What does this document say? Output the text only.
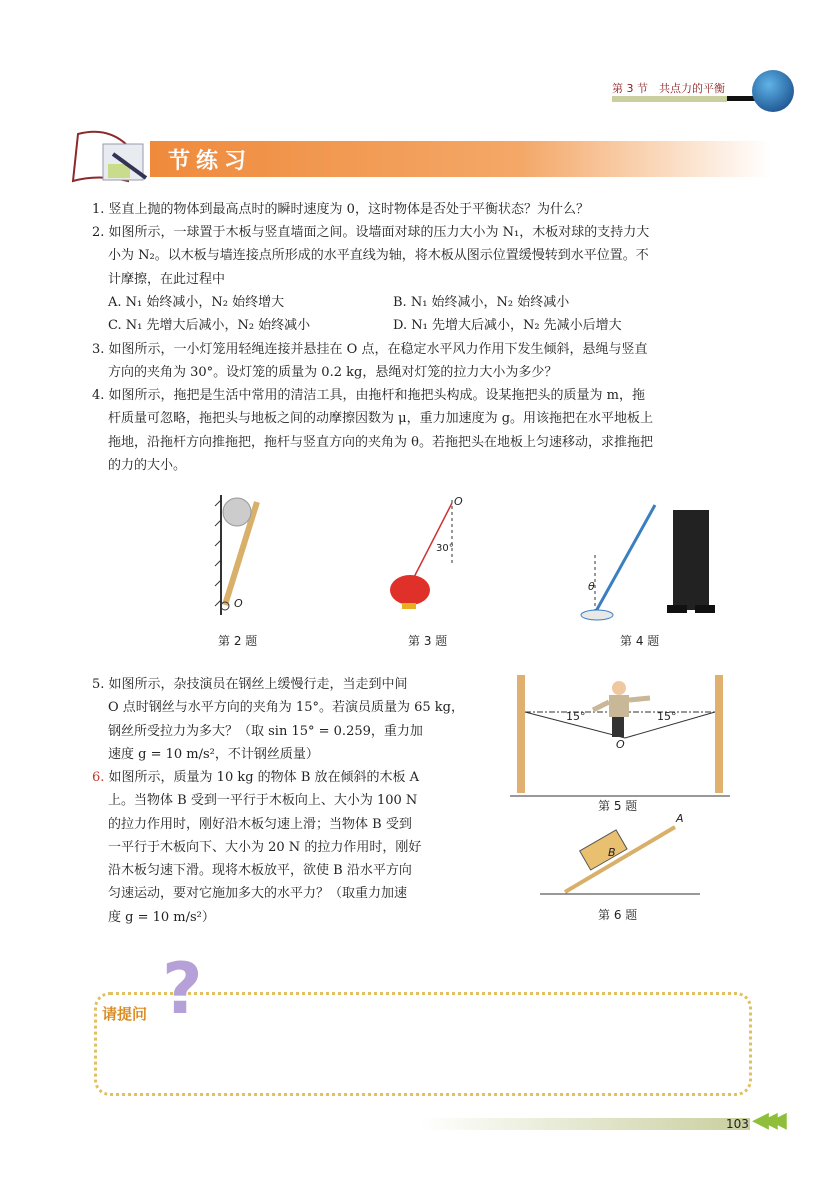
第 3 节　共点力的平衡
节练习
1. 竖直上抛的物体到最高点时的瞬时速度为 0，这时物体是否处于平衡状态？为什么？
2. 如图所示，一球置于木板与竖直墙面之间。设墙面对球的压力大小为 N₁，木板对球的支持力大
小为 N₂。以木板与墙连接点所形成的水平直线为轴，将木板从图示位置缓慢转到水平位置。不
计摩擦，在此过程中
A. N₁ 始终减小，N₂ 始终增大	B. N₁ 始终减小，N₂ 始终减小
C. N₁ 先增大后减小，N₂ 始终减小	D. N₁ 先增大后减小，N₂ 先减小后增大
3. 如图所示，一小灯笼用轻绳连接并悬挂在 O 点，在稳定水平风力作用下发生倾斜，悬绳与竖直
方向的夹角为 30°。设灯笼的质量为 0.2 kg，悬绳对灯笼的拉力大小为多少？
4. 如图所示，拖把是生活中常用的清洁工具，由拖杆和拖把头构成。设某拖把头的质量为 m，拖
杆质量可忽略，拖把头与地板之间的动摩擦因数为 μ，重力加速度为 g。用该拖把在水平地板上
拖地，沿拖杆方向推拖把，拖杆与竖直方向的夹角为 θ。若拖把头在地板上匀速移动，求推拖把
的力的大小。
O
第 2 题
O
30°
第 3 题
θ
第 4 题
5. 如图所示，杂技演员在钢丝上缓慢行走，当走到中间
O 点时钢丝与水平方向的夹角为 15°。若演员质量为 65 kg，
钢丝所受拉力为多大？（取 sin 15° = 0.259，重力加
速度 g = 10 m/s²，不计钢丝质量）
6. 如图所示，质量为 10 kg 的物体 B 放在倾斜的木板 A
上。当物体 B 受到一平行于木板向上、大小为 100 N
的拉力作用时，刚好沿木板匀速上滑；当物体 B 受到
一平行于木板向下、大小为 20 N 的拉力作用时，刚好
沿木板匀速下滑。现将木板放平，欲使 B 沿水平方向
匀速运动，要对它施加多大的水平力？（取重力加速
度 g = 10 m/s²）
15°	15°
O
第 5 题
A
B
第 6 题
?
请提问
103 ◀◀◀
